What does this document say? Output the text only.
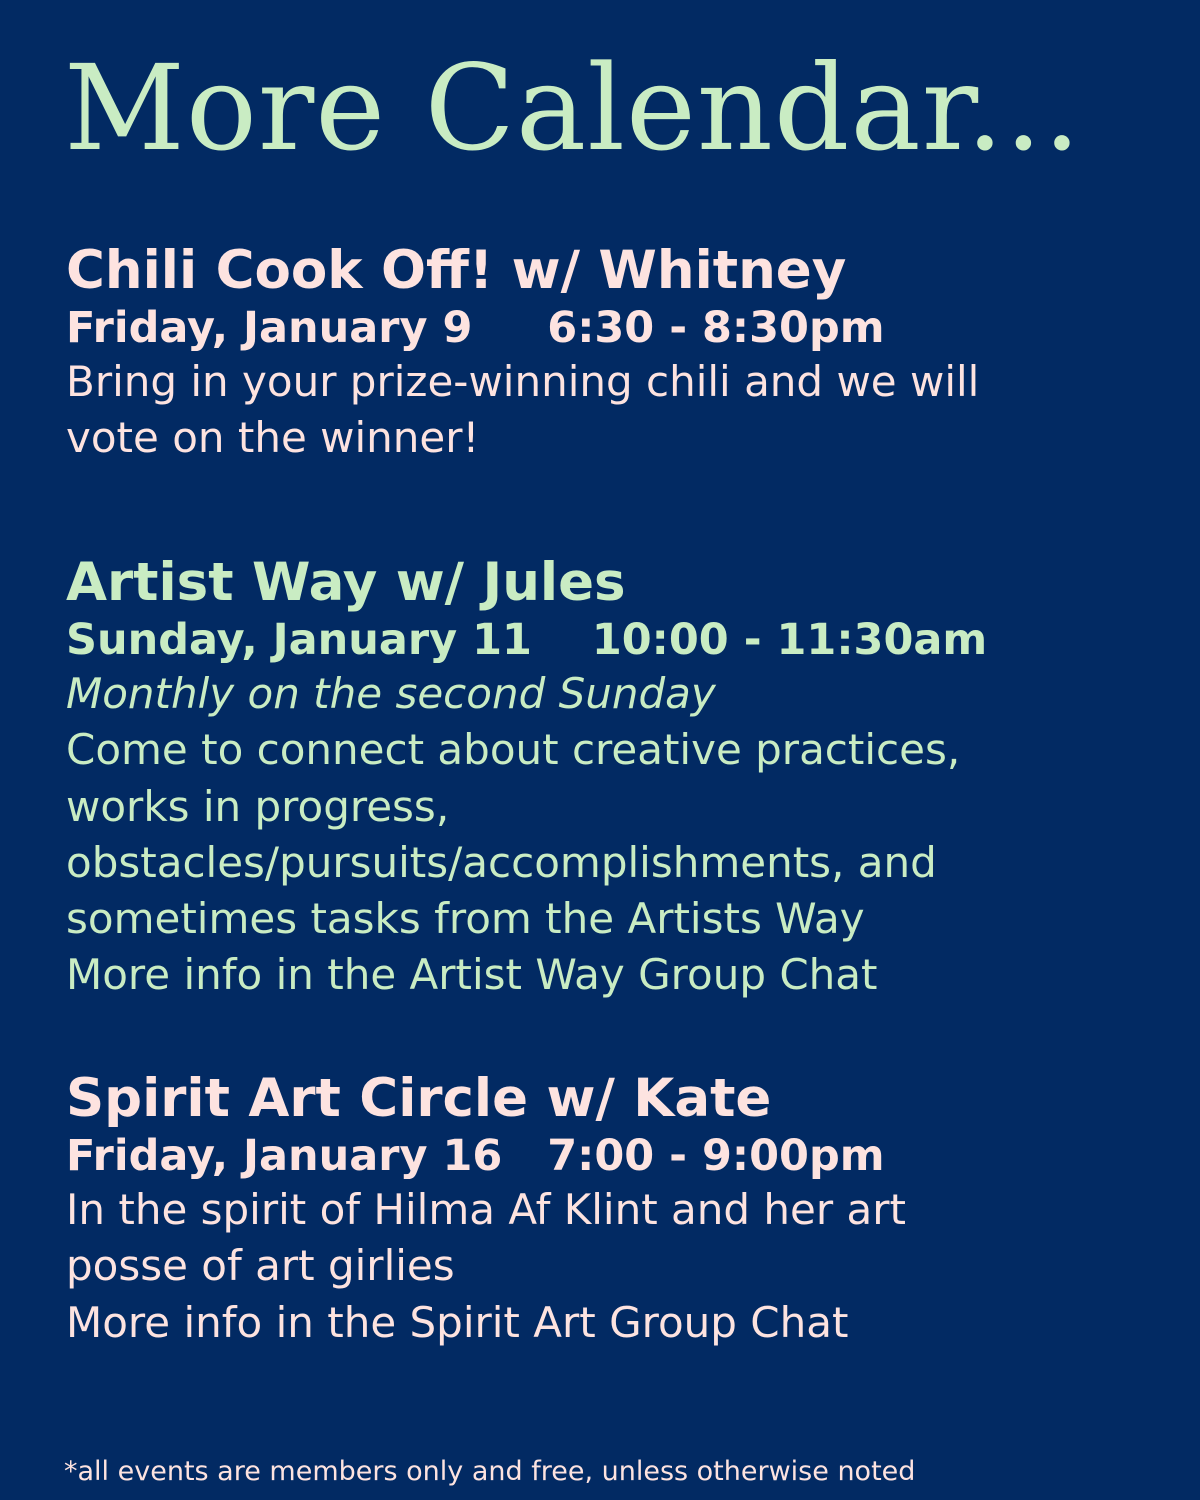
More Calendar...
Chili Cook Off! w/ Whitney
Friday, January 9     6:30 - 8:30pm
Bring in your prize-winning chili and we will
vote on the winner!
Artist Way w/ Jules
Sunday, January 11    10:00 - 11:30am
Monthly on the second Sunday
Come to connect about creative practices,
works in progress,
obstacles/pursuits/accomplishments, and
sometimes tasks from the Artists Way
More info in the Artist Way Group Chat
Spirit Art Circle w/ Kate
Friday, January 16   7:00 - 9:00pm
In the spirit of Hilma Af Klint and her art
posse of art girlies
More info in the Spirit Art Group Chat
*all events are members only and free, unless otherwise noted
